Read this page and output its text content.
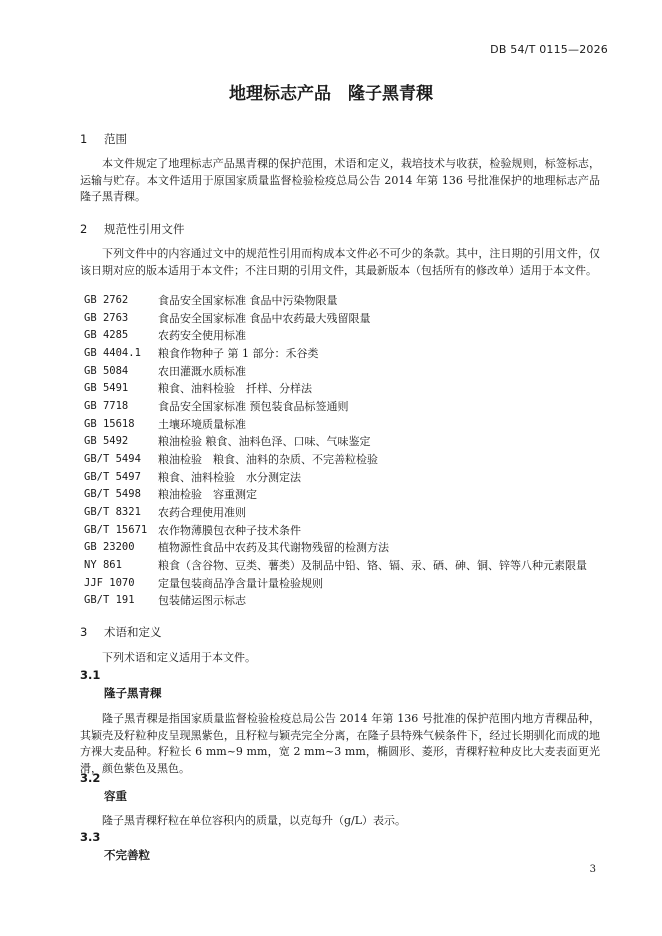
DB 54/T 0115—2026
地理标志产品　隆子黑青稞
1 范围

本文件规定了地理标志产品黑青稞的保护范围，术语和定义，栽培技术与收获，检验规则，标签标志，运输与贮存。本文件适用于原国家质量监督检验检疫总局公告 2014 年第 136 号批准保护的地理标志产品隆子黑青稞。

2 规范性引用文件

下列文件中的内容通过文中的规范性引用而构成本文件必不可少的条款。其中，注日期的引用文件，仅该日期对应的版本适用于本文件；不注日期的引用文件，其最新版本（包括所有的修改单）适用于本文件。

GB 2762	食品安全国家标准 食品中污染物限量
GB 2763	食品安全国家标准 食品中农药最大残留限量
GB 4285	农药安全使用标准
GB 4404.1	粮食作物种子 第 1 部分：禾谷类
GB 5084	农田灌溉水质标准
GB 5491	粮食、油料检验　扦样、分样法
GB 7718	食品安全国家标准 预包装食品标签通则
GB 15618	土壤环境质量标准
GB 5492	粮油检验 粮食、油料色泽、口味、气味鉴定
GB/T 5494	粮油检验　粮食、油料的杂质、不完善粒检验
GB/T 5497	粮食、油料检验　水分测定法
GB/T 5498	粮油检验　容重测定
GB/T 8321	农药合理使用准则
GB/T 15671 农作物薄膜包衣种子技术条件
GB 23200	植物源性食品中农药及其代谢物残留的检测方法
NY 861	粮食（含谷物、豆类、薯类）及制品中铅、铬、镉、汞、硒、砷、铜、锌等八种元素限量
JJF 1070	定量包装商品净含量计量检验规则
GB/T 191	包装储运图示标志
3 术语和定义

下列术语和定义适用于本文件。

3.1
隆子黑青稞

隆子黑青稞是指国家质量监督检验检疫总局公告 2014 年第 136 号批准的保护范围内地方青稞品种，其颖壳及籽粒种皮呈现黑紫色，且籽粒与颖壳完全分离，在隆子县特殊气候条件下，经过长期驯化而成的地方裸大麦品种。籽粒长 6 mm~9 mm，宽 2 mm~3 mm，椭圆形、菱形，青稞籽粒种皮比大麦表面更光滑，颜色紫色及黑色。

3.2
容重

隆子黑青稞籽粒在单位容积内的质量，以克每升（g/L）表示。

3.3
不完善粒
3
